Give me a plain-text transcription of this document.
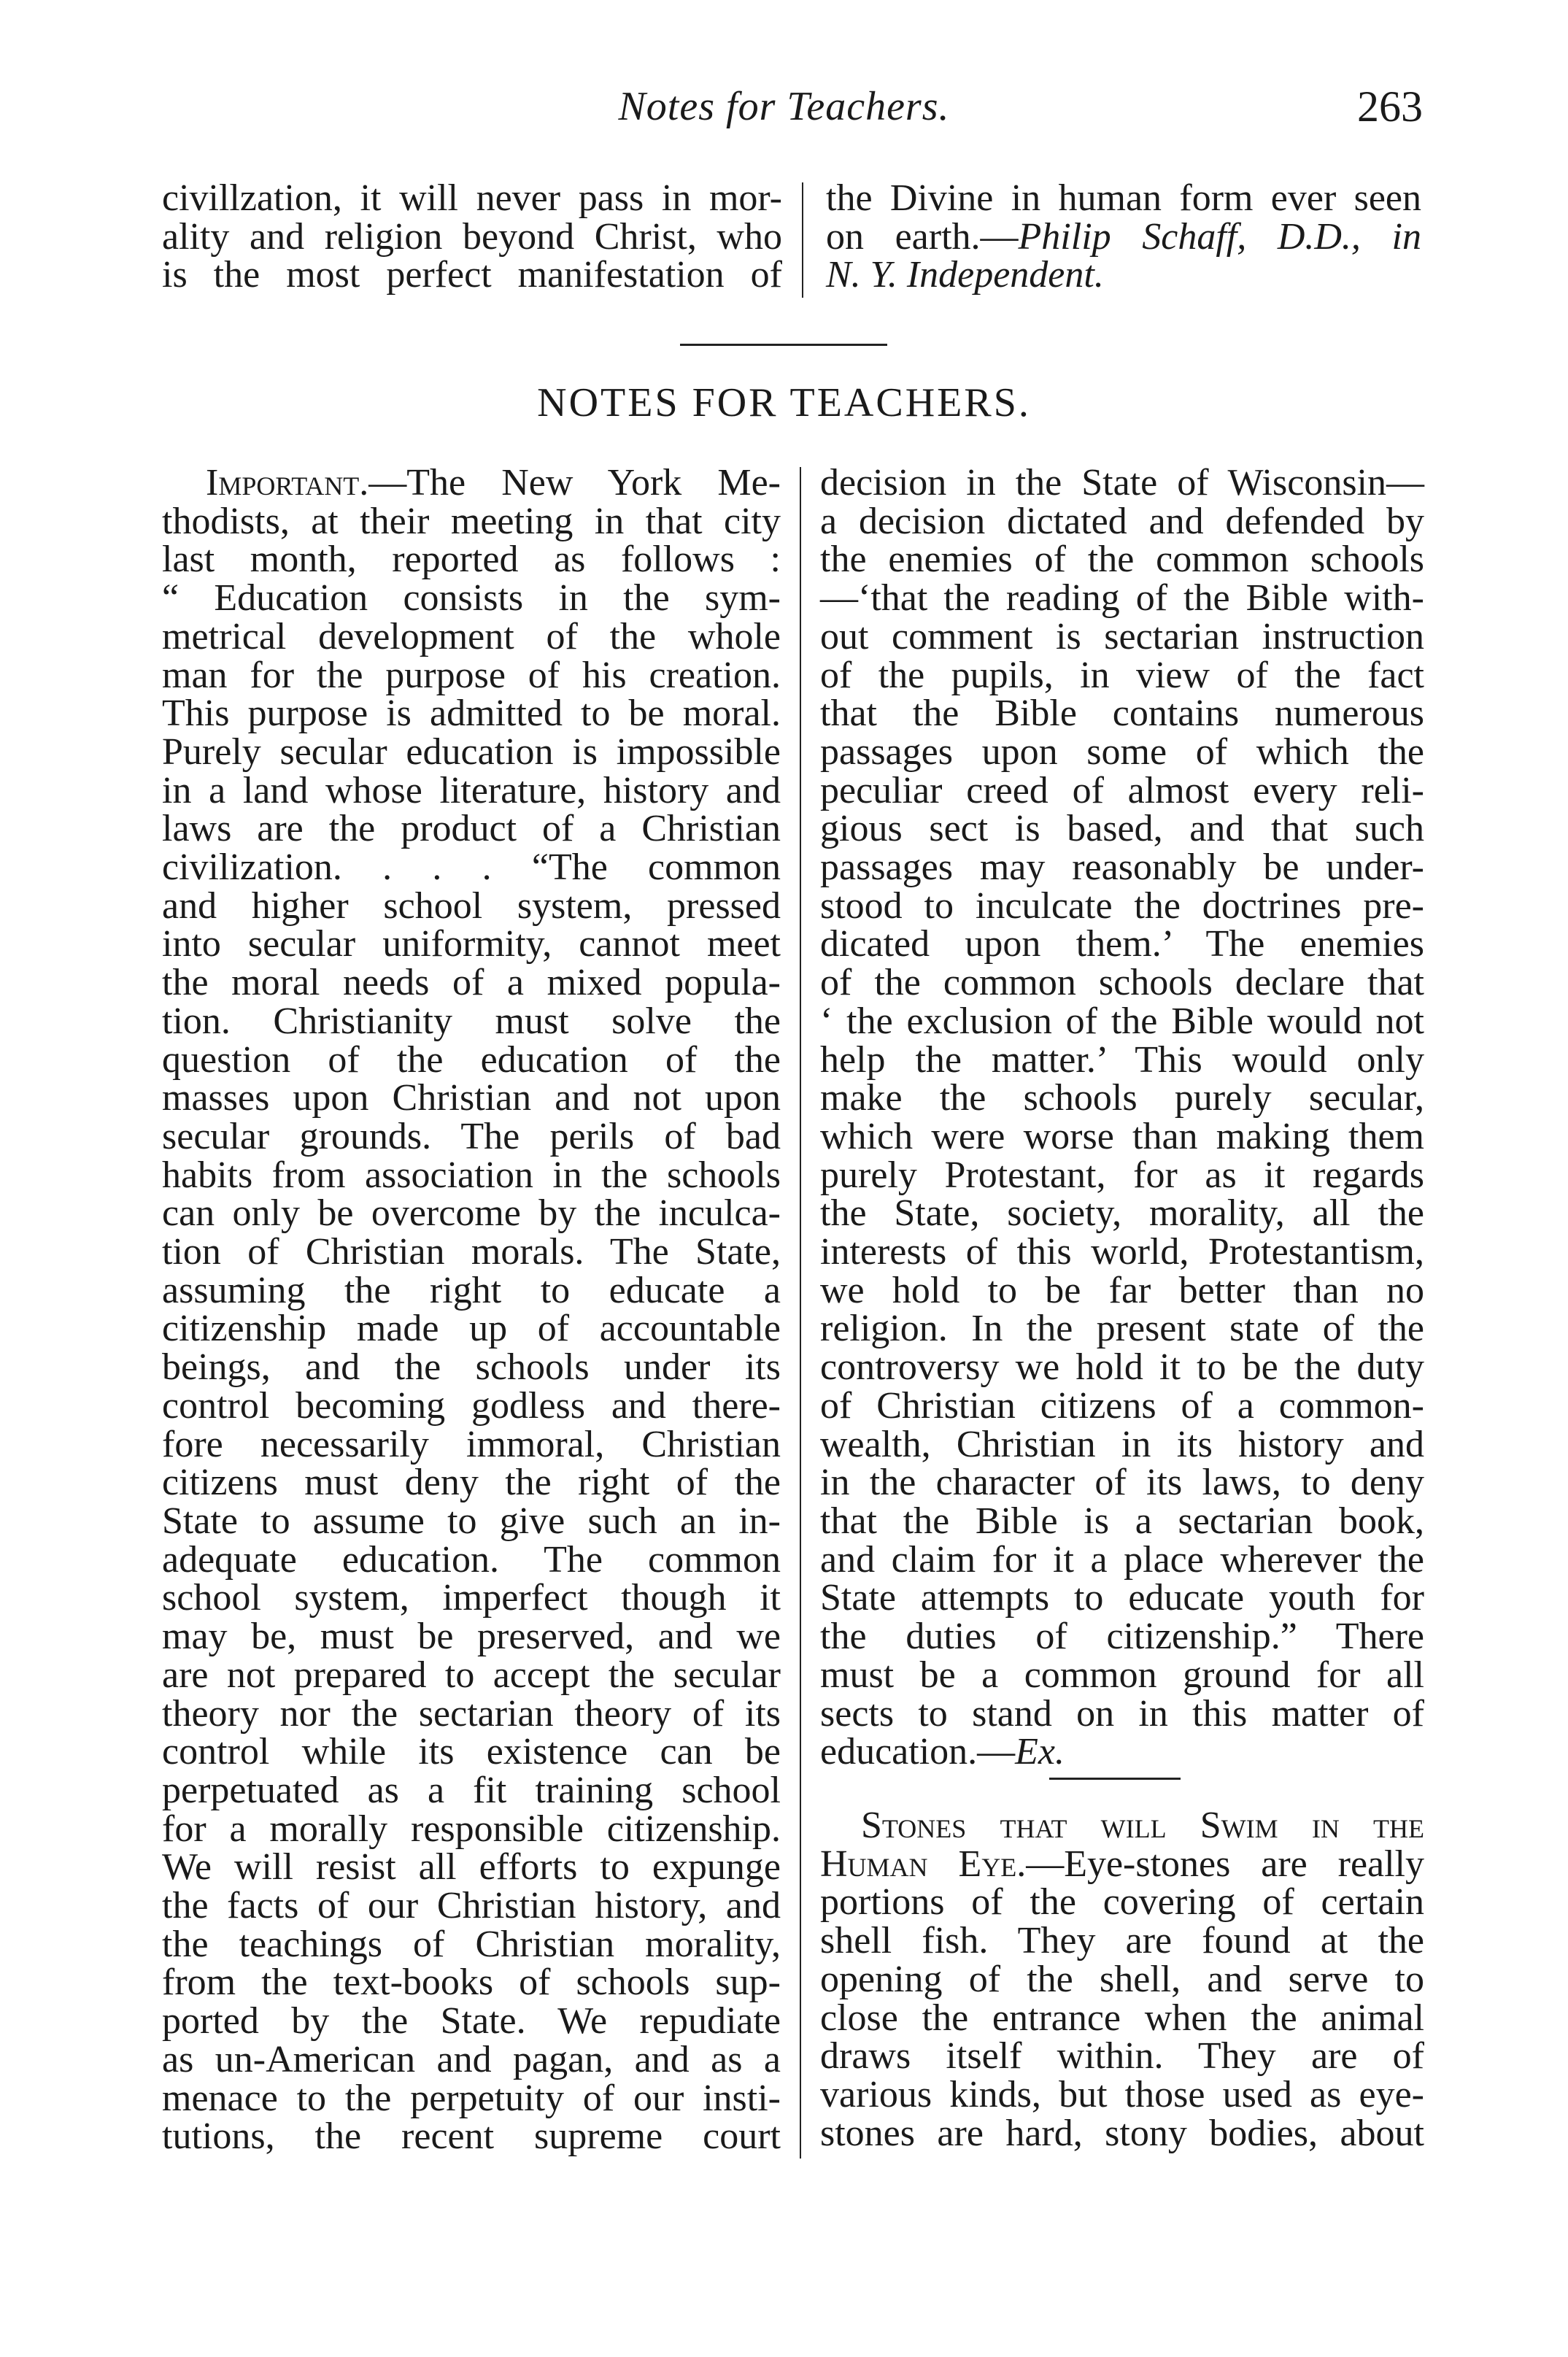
Notes for Teachers.	263
civillzation, it will never pass in mor-
ality and religion beyond Christ, who
is the most perfect manifestation of
the Divine in human form ever seen
on earth.—Philip Schaff, D.D., in
N. Y. Independent.
NOTES FOR TEACHERS.
Important.—The New York Me-
thodists, at their meeting in that city
last month, reported as follows :
“ Education consists in the sym-
metrical development of the whole
man for the purpose of his creation.
This purpose is admitted to be moral.
Purely secular education is impossible
in a land whose literature, history and
laws are the product of a Christian
civilization. . . . “The common
and higher school system, pressed
into secular uniformity, cannot meet
the moral needs of a mixed popula-
tion. Christianity must solve the
question of the education of the
masses upon Christian and not upon
secular grounds. The perils of bad
habits from association in the schools
can only be overcome by the inculca-
tion of Christian morals. The State,
assuming the right to educate a
citizenship made up of accountable
beings, and the schools under its
control becoming godless and there-
fore necessarily immoral, Christian
citizens must deny the right of the
State to assume to give such an in-
adequate education. The common
school system, imperfect though it
may be, must be preserved, and we
are not prepared to accept the secular
theory nor the sectarian theory of its
control while its existence can be
perpetuated as a fit training school
for a morally responsible citizenship.
We will resist all efforts to expunge
the facts of our Christian history, and
the teachings of Christian morality,
from the text-books of schools sup-
ported by the State. We repudiate
as un-American and pagan, and as a
menace to the perpetuity of our insti-
tutions, the recent supreme court
decision in the State of Wisconsin—
a decision dictated and defended by
the enemies of the common schools
—‘that the reading of the Bible with-
out comment is sectarian instruction
of the pupils, in view of the fact
that the Bible contains numerous
passages upon some of which the
peculiar creed of almost every reli-
gious sect is based, and that such
passages may reasonably be under-
stood to inculcate the doctrines pre-
dicated upon them.’ The enemies
of the common schools declare that
‘ the exclusion of the Bible would not
help the matter.’ This would only
make the schools purely secular,
which were worse than making them
purely Protestant, for as it regards
the State, society, morality, all the
interests of this world, Protestantism,
we hold to be far better than no
religion. In the present state of the
controversy we hold it to be the duty
of Christian citizens of a common-
wealth, Christian in its history and
in the character of its laws, to deny
that the Bible is a sectarian book,
and claim for it a place wherever the
State attempts to educate youth for
the duties of citizenship.” There
must be a common ground for all
sects to stand on in this matter of
education.—Ex.
Stones that will Swim in the
Human Eye.—Eye-stones are really
portions of the covering of certain
shell fish. They are found at the
opening of the shell, and serve to
close the entrance when the animal
draws itself within. They are of
various kinds, but those used as eye-
stones are hard, stony bodies, about
